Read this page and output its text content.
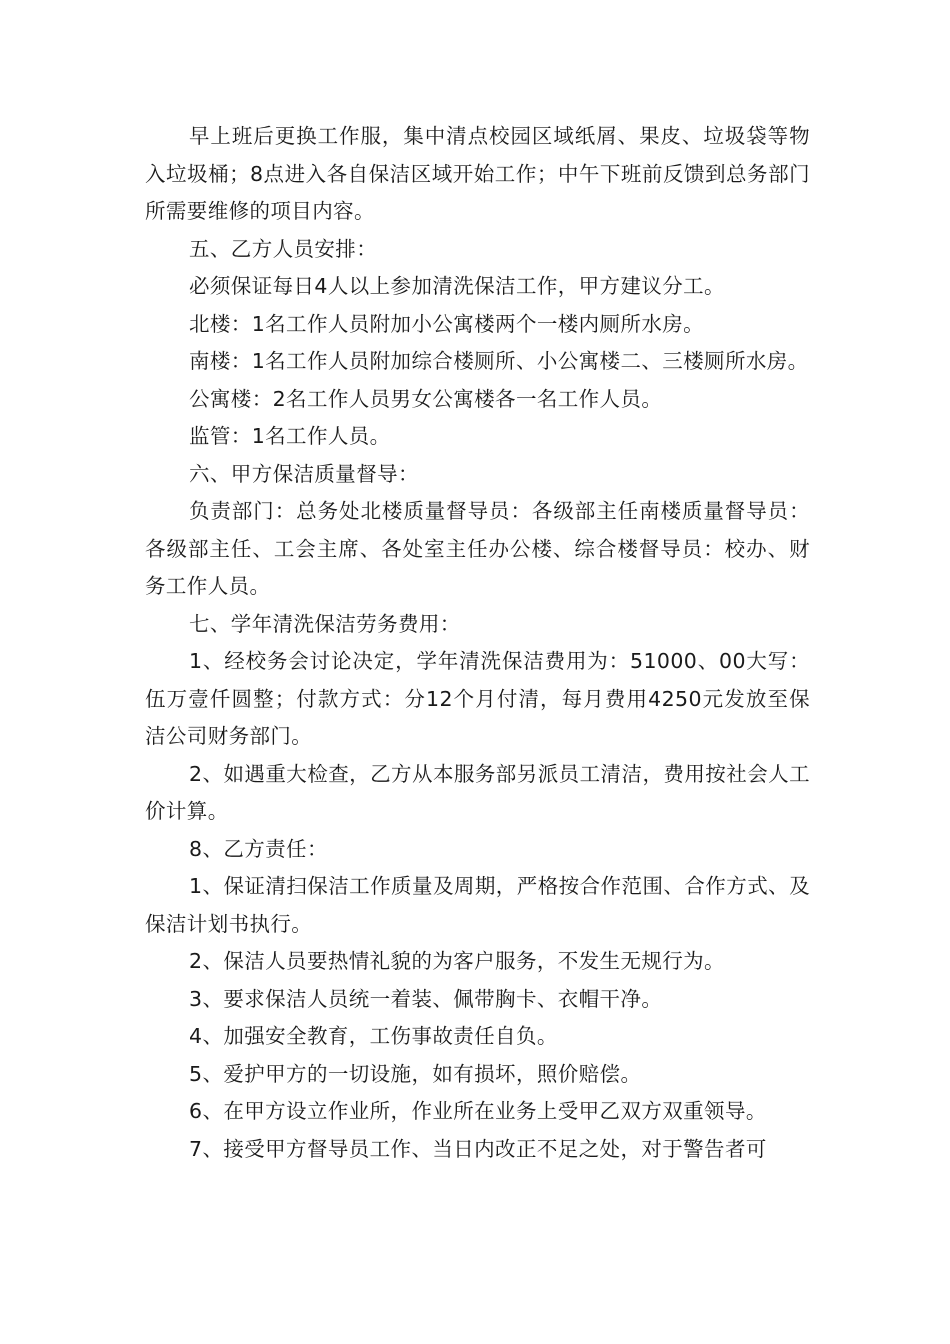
早上班后更换工作服，集中清点校园区域纸屑、果皮、垃圾袋等物入垃圾桶；8点进入各自保洁区域开始工作；中午下班前反馈到总务部门所需要维修的项目内容。

五、乙方人员安排：

必须保证每日4人以上参加清洗保洁工作，甲方建议分工。

北楼：1名工作人员附加小公寓楼两个一楼内厕所水房。

南楼：1名工作人员附加综合楼厕所、小公寓楼二、三楼厕所水房。

公寓楼：2名工作人员男女公寓楼各一名工作人员。

监管：1名工作人员。

六、甲方保洁质量督导：

负责部门：总务处北楼质量督导员：各级部主任南楼质量督导员：各级部主任、工会主席、各处室主任办公楼、综合楼督导员：校办、财务工作人员。

七、学年清洗保洁劳务费用：

1、经校务会讨论决定，学年清洗保洁费用为：51000、00大写：伍万壹仟圆整；付款方式：分12个月付清，每月费用4250元发放至保洁公司财务部门。

2、如遇重大检查，乙方从本服务部另派员工清洁，费用按社会人工价计算。

8、乙方责任：

1、保证清扫保洁工作质量及周期，严格按合作范围、合作方式、及保洁计划书执行。

2、保洁人员要热情礼貌的为客户服务，不发生无规行为。

3、要求保洁人员统一着装、佩带胸卡、衣帽干净。

4、加强安全教育，工伤事故责任自负。

5、爱护甲方的一切设施，如有损坏，照价赔偿。

6、在甲方设立作业所，作业所在业务上受甲乙双方双重领导。

7、接受甲方督导员工作、当日内改正不足之处，对于警告者可
